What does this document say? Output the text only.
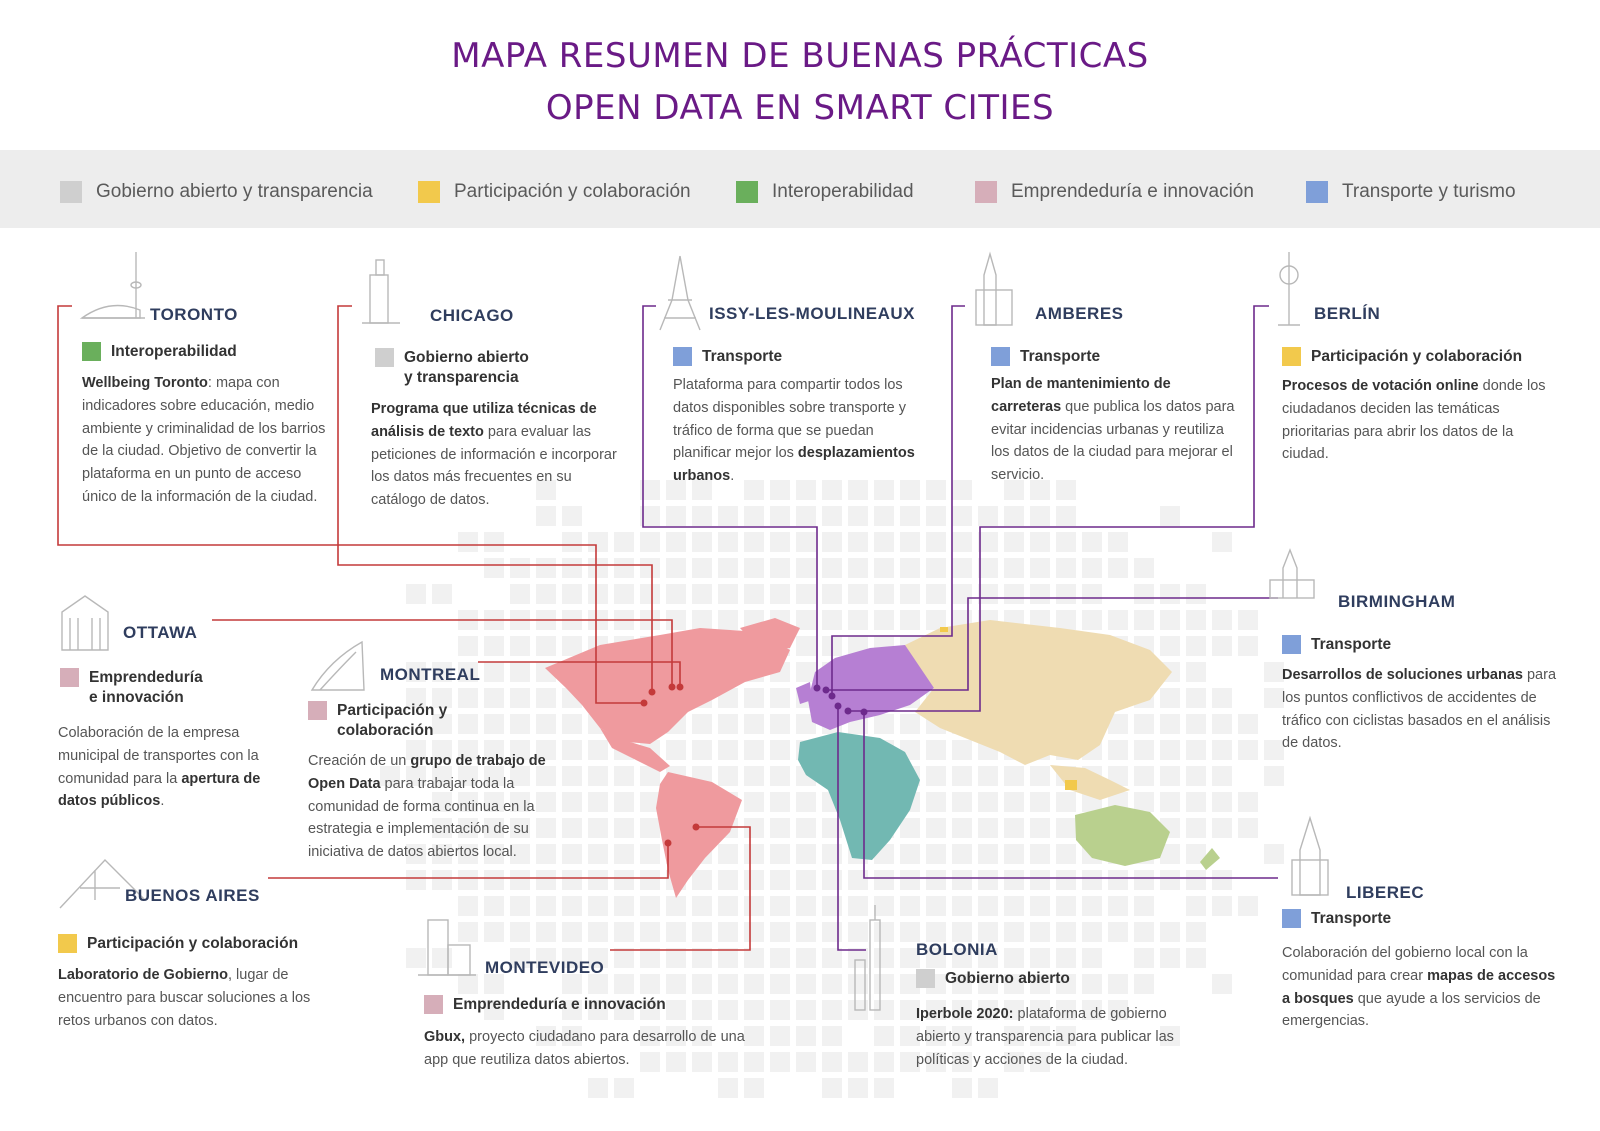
MAPA RESUMEN DE BUENAS PRÁCTICAS
OPEN DATA EN SMART CITIES
Gobierno abierto y transparencia	Participación y colaboración	Interoperabilidad	Emprendeduría e innovación	Transporte y turismo
TORONTO
Interoperabilidad
Wellbeing Toronto: mapa con indicadores sobre educación, medio ambiente y criminalidad de los barrios de la ciudad. Objetivo de convertir la plataforma en un punto de acceso único de la información de la ciudad.
CHICAGO
Gobierno abierto
y transparencia
Programa que utiliza técnicas de análisis de texto para evaluar las peticiones de información e incorporar los datos más frecuentes en su catálogo de datos.
ISSY-LES-MOULINEAUX
Transporte
Plataforma para compartir todos los datos disponibles sobre transporte y tráfico de forma que se puedan planificar mejor los desplazamientos urbanos.
AMBERES
Transporte
Plan de mantenimiento de carreteras que publica los datos para evitar incidencias urbanas y reutiliza los datos de la ciudad para mejorar el servicio.
BERLÍN
Participación y colaboración
Procesos de votación online donde los ciudadanos deciden las temáticas prioritarias para abrir los datos de la ciudad.
OTTAWA
Emprendeduría
e innovación
Colaboración de la empresa municipal de transportes con la comunidad para la apertura de datos públicos.
MONTREAL
Participación y
colaboración
Creación de un grupo de trabajo de Open Data para trabajar toda la comunidad de forma continua en la estrategia e implementación de su iniciativa de datos abiertos local.
BIRMINGHAM
Transporte
Desarrollos de soluciones urbanas para los puntos conflictivos de accidentes de tráfico con ciclistas basados en el análisis de datos.
BUENOS AIRES
Participación y colaboración
Laboratorio de Gobierno, lugar de encuentro para buscar soluciones a los retos urbanos con datos.
MONTEVIDEO
Emprendeduría e innovación
Gbux, proyecto ciudadano para desarrollo de una app que reutiliza datos abiertos.
BOLONIA
Gobierno abierto
Iperbole 2020: plataforma de gobierno abierto y transparencia para publicar las políticas y acciones de la ciudad.
LIBEREC
Transporte
Colaboración del gobierno local con la comunidad para crear mapas de accesos a bosques que ayude a los servicios de emergencias.
